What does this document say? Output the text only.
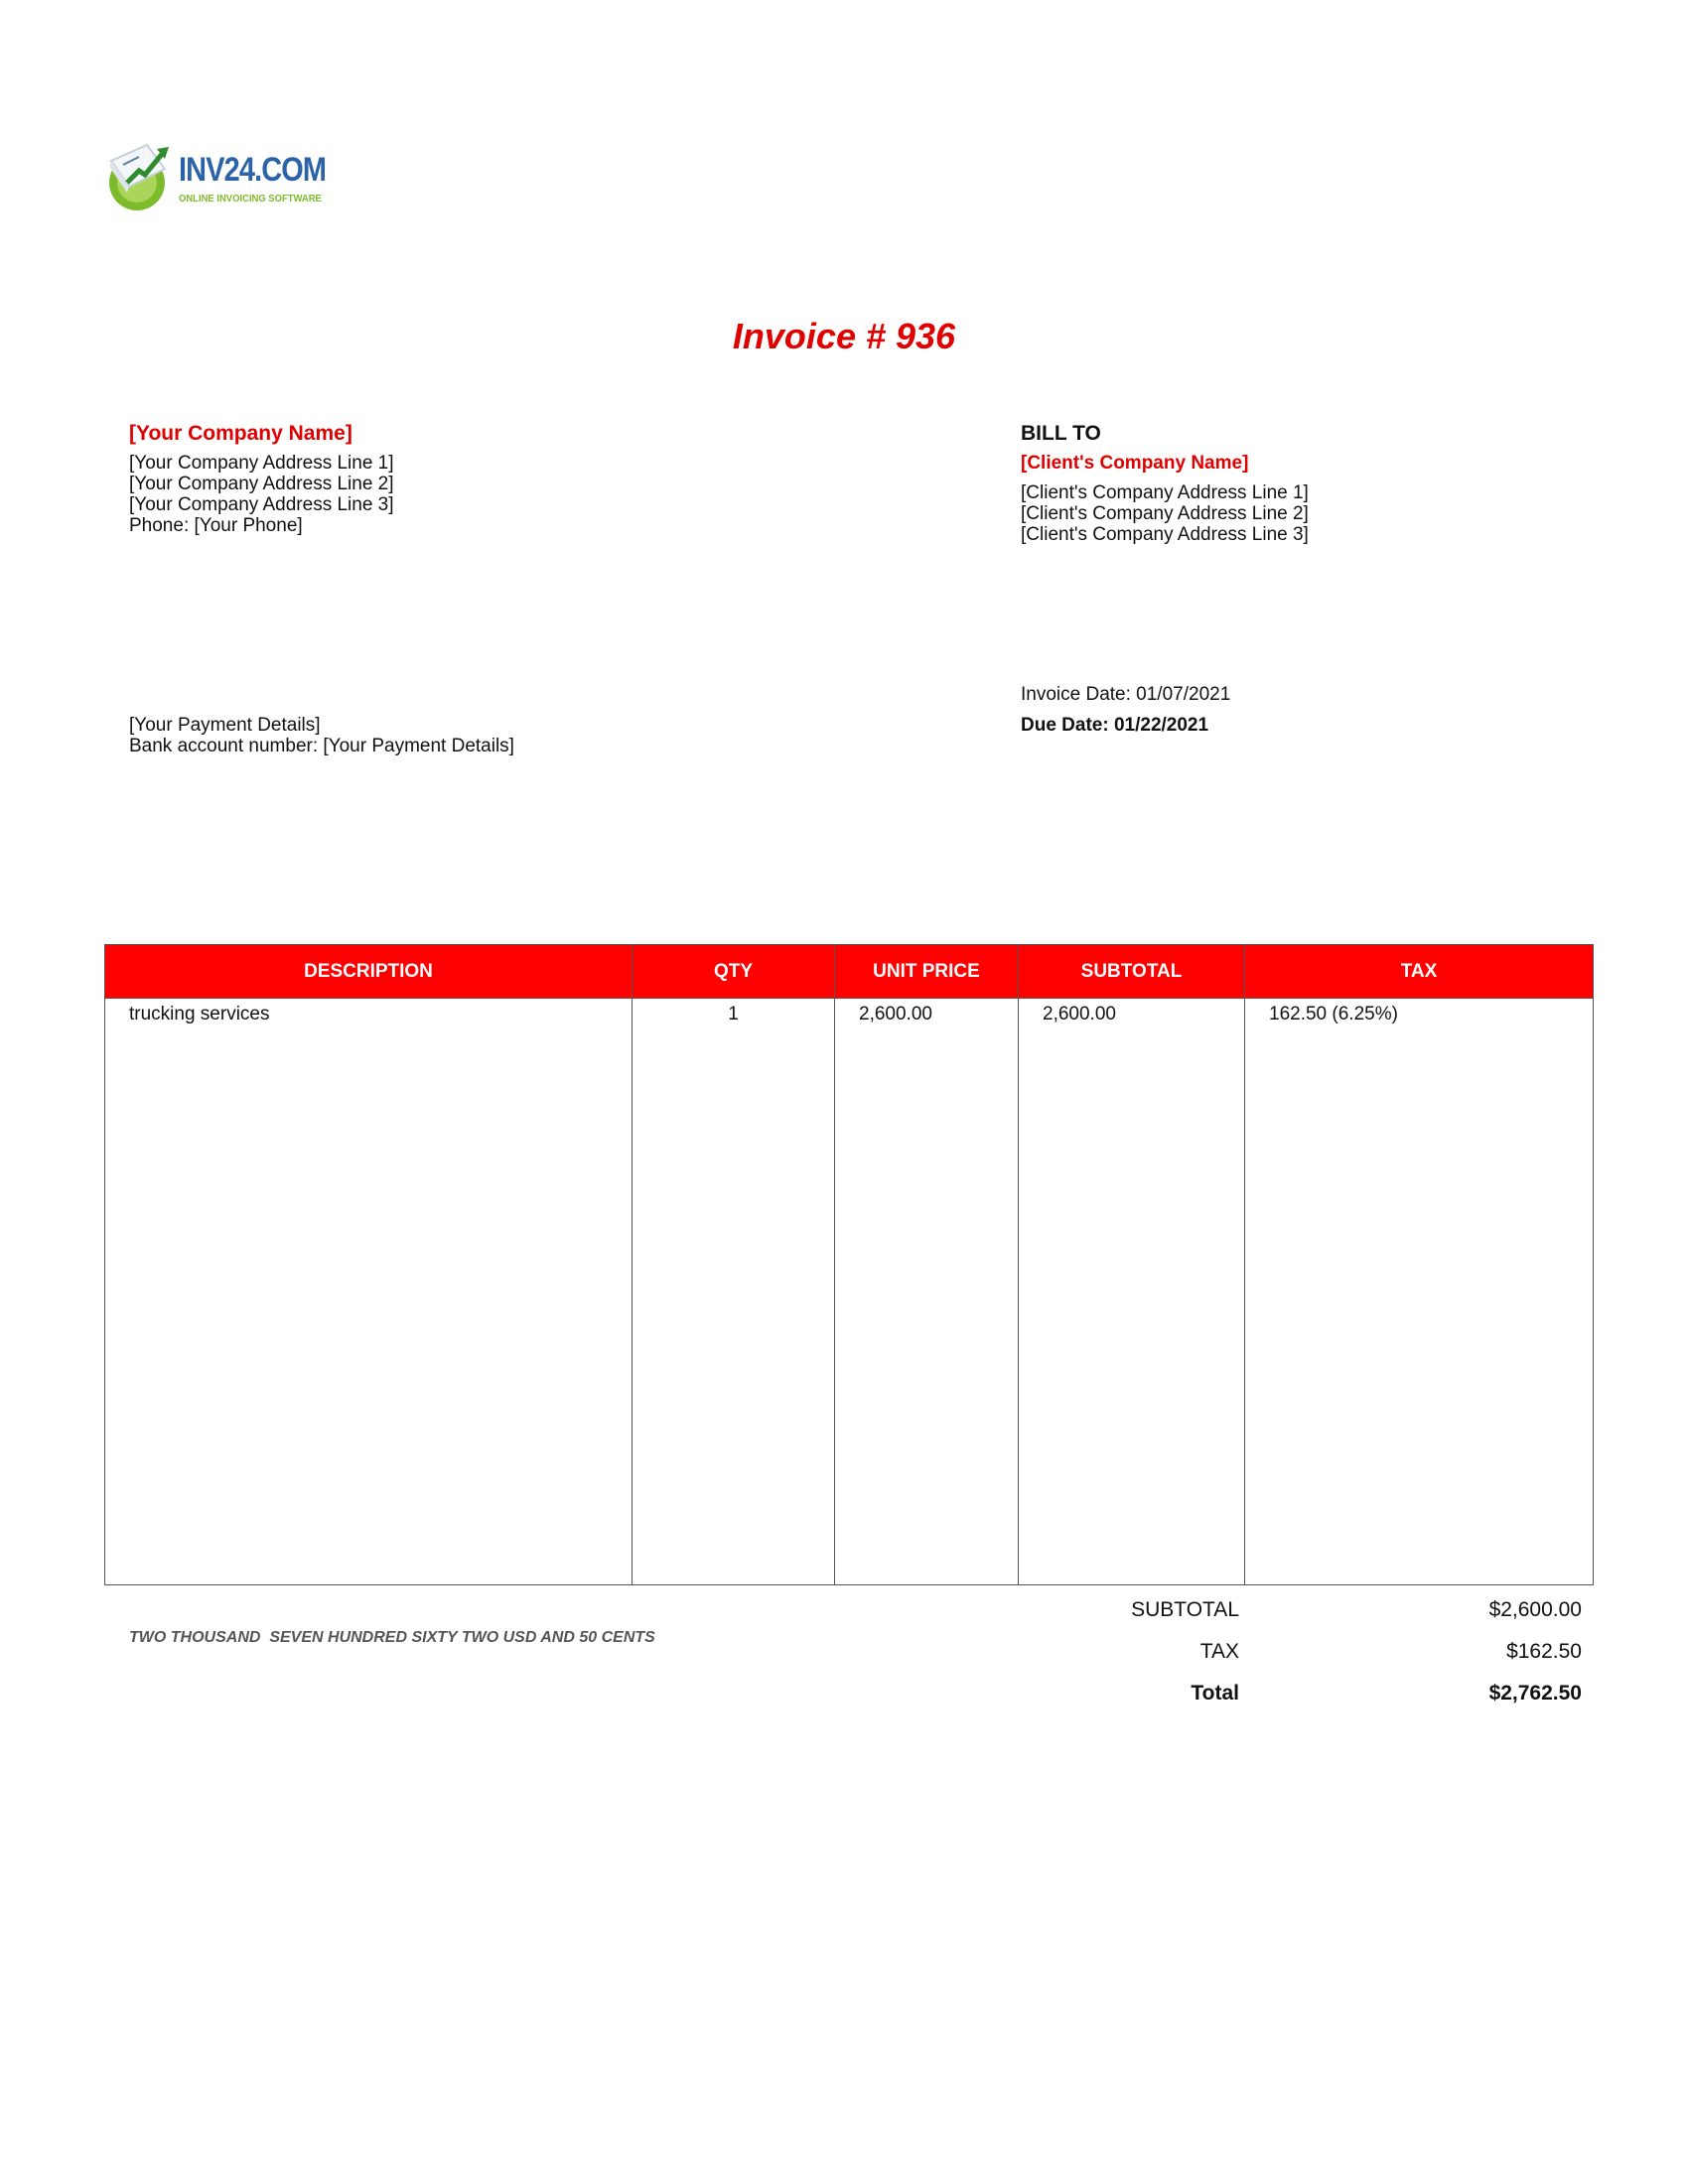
INV24.COM
ONLINE INVOICING SOFTWARE
Invoice # 936
[Your Company Name]
[Your Company Address Line 1]
[Your Company Address Line 2]
[Your Company Address Line 3]
Phone: [Your Phone]
BILL TO
[Client's Company Name]
[Client's Company Address Line 1]
[Client's Company Address Line 2]
[Client's Company Address Line 3]
[Your Payment Details]
Bank account number: [Your Payment Details]
Invoice Date: 01/07/2021
Due Date: 01/22/2021
DESCRIPTION	QTY	UNIT PRICE	SUBTOTAL	TAX
trucking services	1	2,600.00	2,600.00	162.50 (6.25%)

TWO THOUSAND  SEVEN HUNDRED SIXTY TWO USD AND 50 CENTS
SUBTOTAL	$2,600.00
TAX	$162.50
Total	$2,762.50
